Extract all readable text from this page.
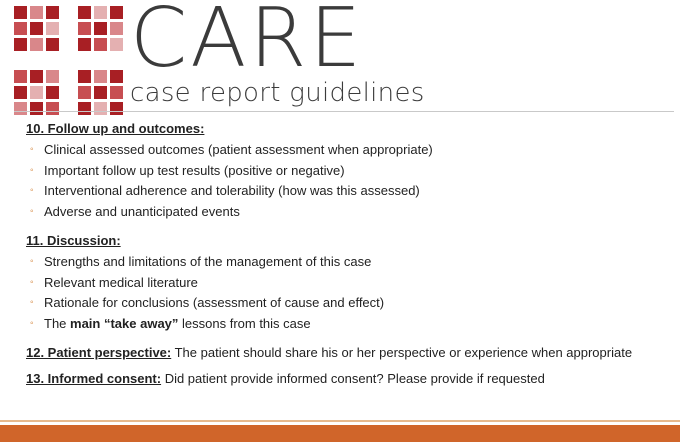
CARE
case report guidelines

10. Follow up and outcomes:

◦ Clinical assessed outcomes (patient assessment when appropriate)
◦ Important follow up test results (positive or negative)
◦ Interventional adherence and tolerability (how was this assessed)
◦ Adverse and unanticipated events

11. Discussion:

◦ Strengths and limitations of the management of this case
◦ Relevant medical literature
◦ Rationale for conclusions (assessment of cause and effect)
◦ The main “take away” lessons from this case

12. Patient perspective: The patient should share his or her perspective or experience when appropriate

13. Informed consent: Did patient provide informed consent? Please provide if requested
